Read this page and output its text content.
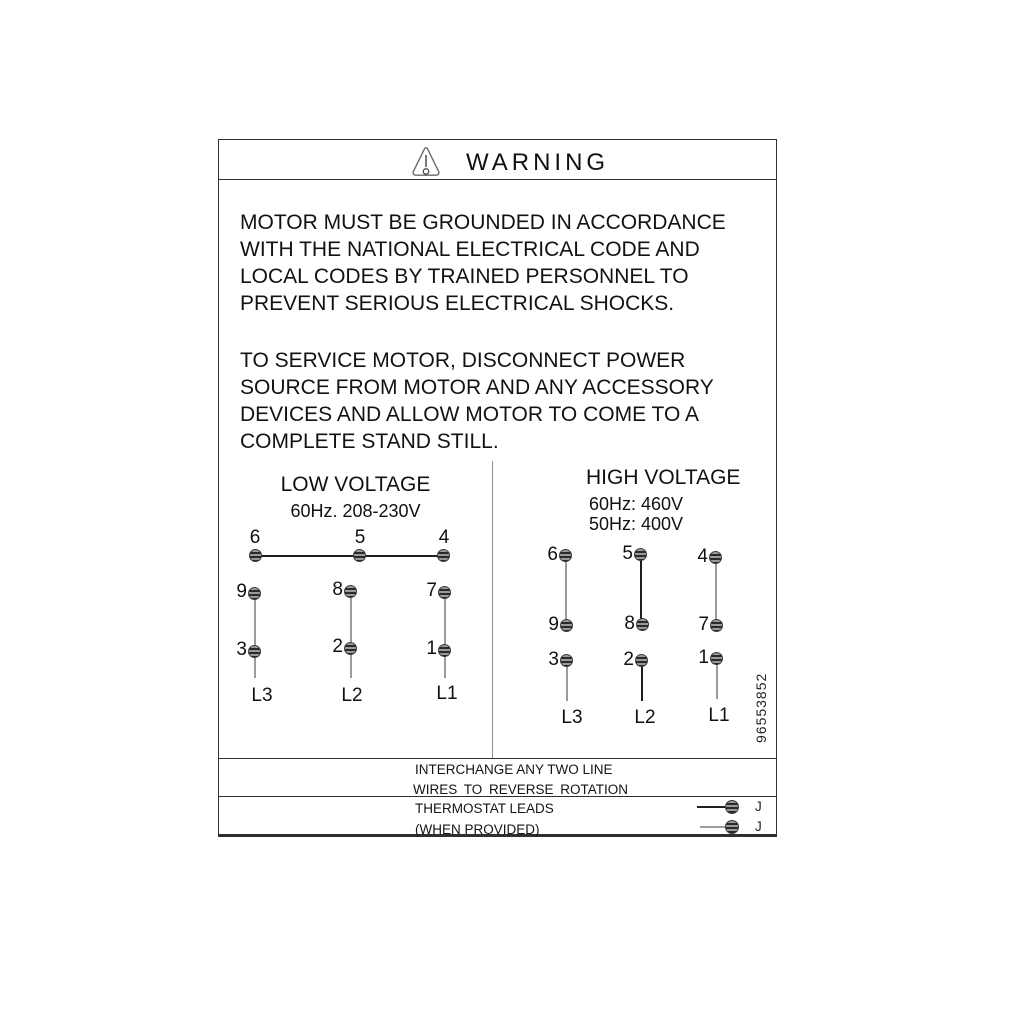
WARNING
MOTOR MUST BE GROUNDED IN ACCORDANCE
WITH THE NATIONAL ELECTRICAL CODE AND
LOCAL CODES BY TRAINED PERSONNEL TO
PREVENT SERIOUS ELECTRICAL SHOCKS.
TO SERVICE MOTOR, DISCONNECT POWER
SOURCE FROM MOTOR AND ANY ACCESSORY
DEVICES AND ALLOW MOTOR TO COME TO A
COMPLETE STAND STILL.
LOW VOLTAGE
60Hz. 208-230V
6	5	4
9	8	7
3	2	1
L3	L2	L1
HIGH VOLTAGE
60Hz: 460V
50Hz: 400V
6	5	4
9	8	7
3	2	1
L3	L2	L1	96553852
INTERCHANGE ANY TWO LINE
WIRES TO REVERSE ROTATION
THERMOSTAT LEADS
(WHEN PROVIDED)
J
J
